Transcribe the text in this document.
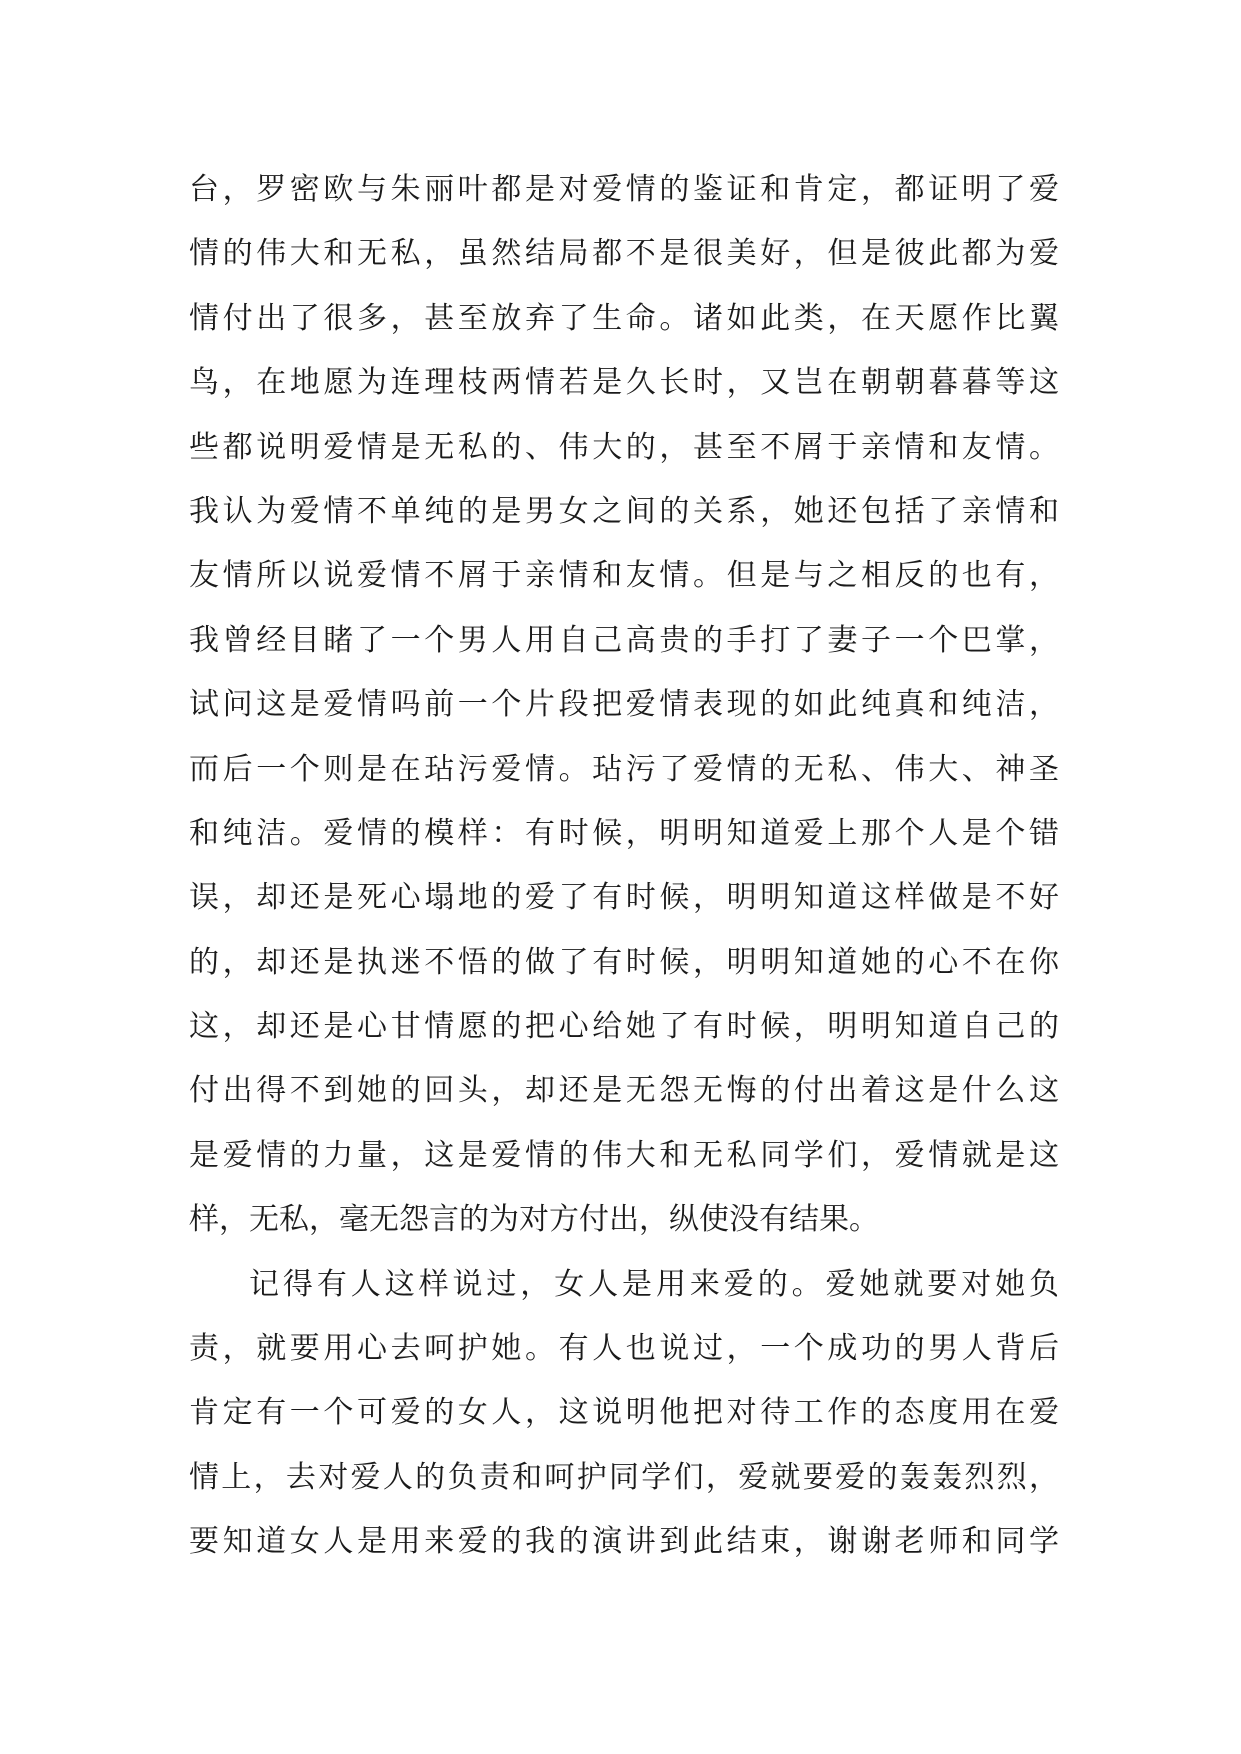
台，罗密欧与朱丽叶都是对爱情的鉴证和肯定，都证明了爱
情的伟大和无私，虽然结局都不是很美好，但是彼此都为爱
情付出了很多，甚至放弃了生命。诸如此类，在天愿作比翼
鸟，在地愿为连理枝两情若是久长时，又岂在朝朝暮暮等这
些都说明爱情是无私的、伟大的，甚至不屑于亲情和友情。
我认为爱情不单纯的是男女之间的关系，她还包括了亲情和
友情所以说爱情不屑于亲情和友情。但是与之相反的也有，
我曾经目睹了一个男人用自己高贵的手打了妻子一个巴掌，
试问这是爱情吗前一个片段把爱情表现的如此纯真和纯洁，
而后一个则是在玷污爱情。玷污了爱情的无私、伟大、神圣
和纯洁。爱情的模样：有时候，明明知道爱上那个人是个错
误，却还是死心塌地的爱了有时候，明明知道这样做是不好
的，却还是执迷不悟的做了有时候，明明知道她的心不在你
这，却还是心甘情愿的把心给她了有时候，明明知道自己的
付出得不到她的回头，却还是无怨无悔的付出着这是什么这
是爱情的力量，这是爱情的伟大和无私同学们，爱情就是这
样，无私，毫无怨言的为对方付出，纵使没有结果。
记得有人这样说过，女人是用来爱的。爱她就要对她负
责，就要用心去呵护她。有人也说过，一个成功的男人背后
肯定有一个可爱的女人，这说明他把对待工作的态度用在爱
情上，去对爱人的负责和呵护同学们，爱就要爱的轰轰烈烈，
要知道女人是用来爱的我的演讲到此结束，谢谢老师和同学
